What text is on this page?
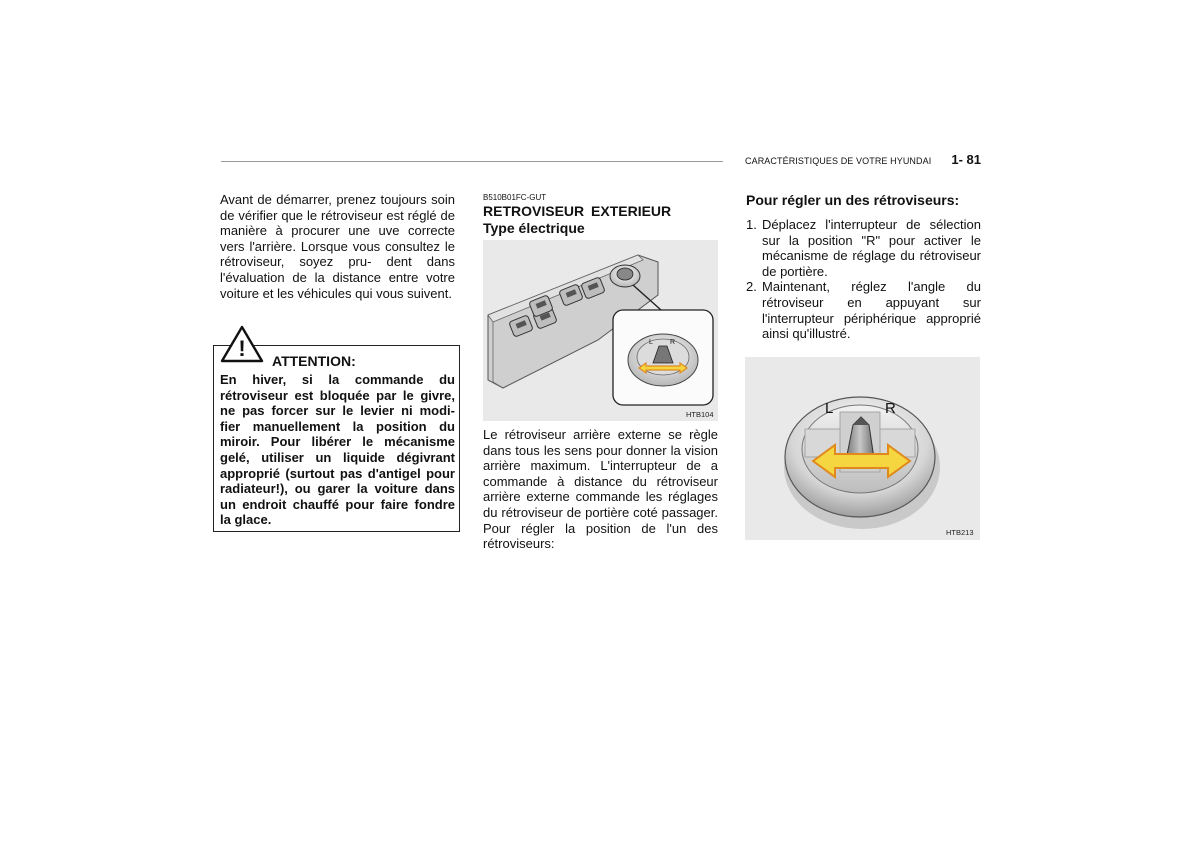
CARACTÉRISTIQUES DE VOTRE HYUNDAI 1- 81
Avant de démarrer, prenez toujours soin de vérifier que le rétroviseur est réglé de manière à procurer une uve correcte vers l'arrière. Lorsque vous consultez le rétroviseur, soyez pru- dent dans l'évaluation de la distance entre votre voiture et les véhicules qui vous suivent.
! ATTENTION:
En hiver, si la commande du rétroviseur est bloquée par le givre, ne pas forcer sur le levier ni modi- fier manuellement la position du miroir. Pour libérer le mécanisme gelé, utiliser un liquide dégivrant approprié (surtout pas d'antigel pour radiateur!), ou garer la voiture dans un endroit chauffé pour faire fondre la glace.
B510B01FC-GUT
RETROVISEUR EXTERIEUR
Type électrique
L R
HTB104
Le rétroviseur arrière externe se règle dans tous les sens pour donner la vision arrière maximum. L'interrupteur de a commande à distance du rétroviseur arrière externe commande les réglages du rétroviseur de portière coté passager. Pour régler la position de l'un des rétroviseurs:
Pour régler un des rétroviseurs:
1. Déplacez l'interrupteur de sélection sur la position "R" pour activer le mécanisme de réglage du rétroviseur de portière.
2. Maintenant, réglez l'angle du rétroviseur en appuyant sur l'interrupteur périphérique approprié ainsi qu'illustré.
L	R
HTB213
